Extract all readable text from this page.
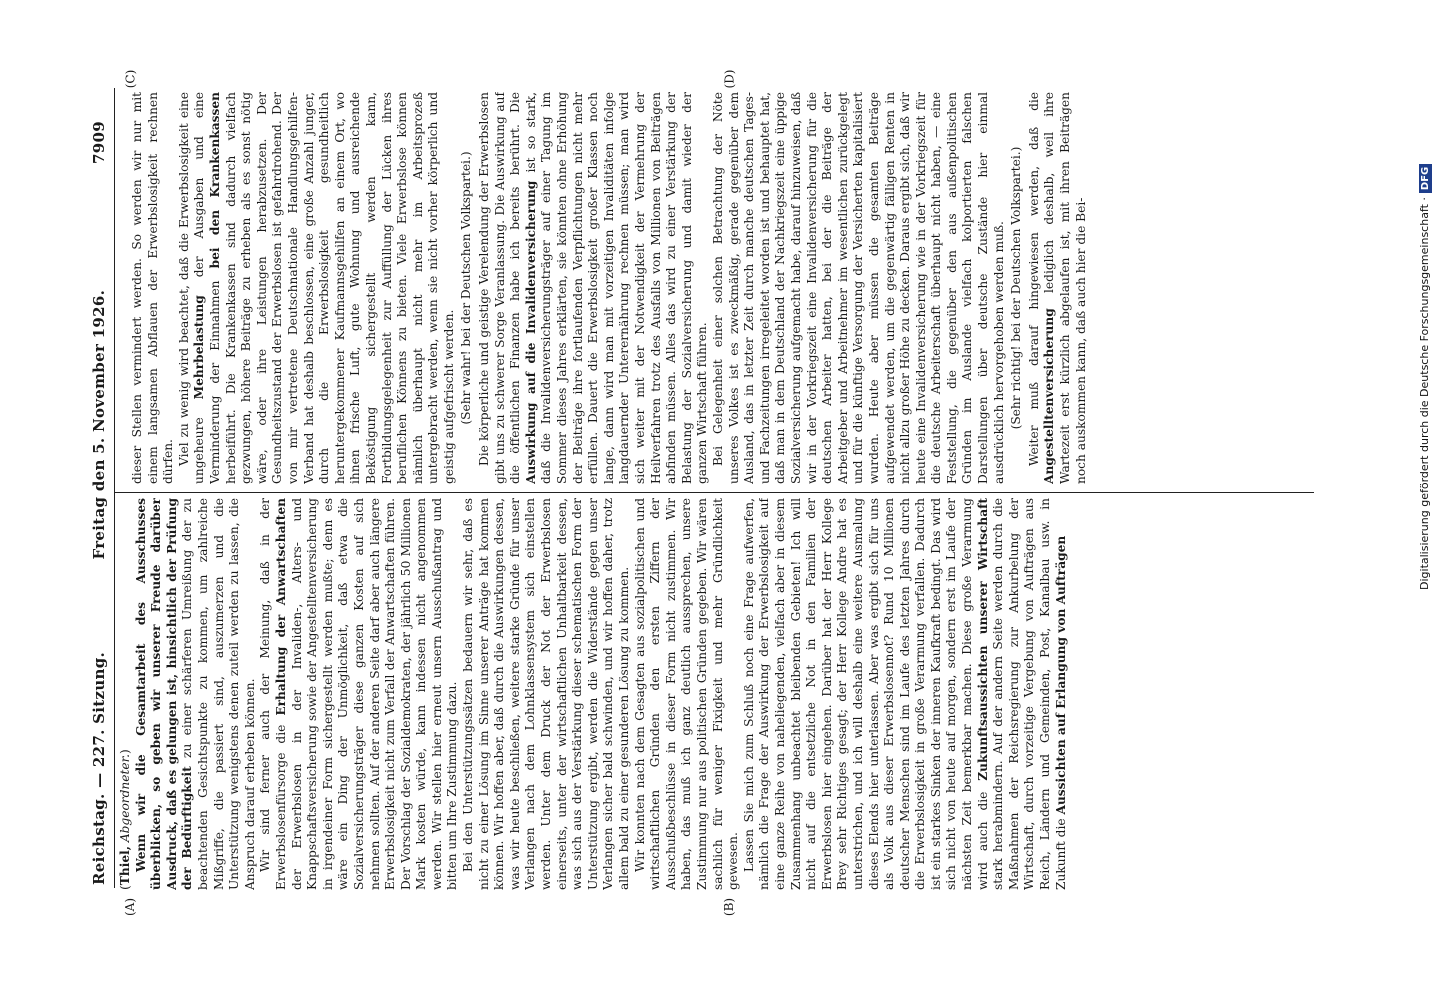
Reichstag. — 227. Sitzung. Freitag den 5. November 1926. 7909
(A)	(B)
(C)	(D)

(Thiel, Abgeordneter.) Wenn wir die Gesamtarbeit des Ausschusses überblicken, so geben wir unserer Freude darüber Ausdruck, daß es gelungen ist, hinsichtlich der Prüfung der Bedürftigkeit zu einer schärferen Umreißung der zu beachtenden Gesichtspunkte zu kommen, um zahlreiche Mißgriffe, die passiert sind, auszumerzen und die Unterstützung wenigstens denen zuteil werden zu lassen, die Anspruch darauf erheben können. Wir sind ferner auch der Meinung, daß in der Erwerbslosenfürsorge die Erhaltung der Anwartschaften der Erwerbslosen in der Invaliden-, Alters- und Knappschaftsversicherung sowie der Angestelltenversicherung in irgendeiner Form sichergestellt werden mußte; denn es wäre ein Ding der Unmöglichkeit, daß etwa die Sozialversicherungsträger diese ganzen Kosten auf sich nehmen sollten. Auf der anderen Seite darf aber auch längere Erwerbslosigkeit nicht zum Verfall der Anwartschaften führen. Der Vorschlag der Sozialdemokraten, der jährlich 50 Millionen Mark kosten würde, kann indessen nicht angenommen werden. Wir stellen hier erneut unsern Ausschußantrag und bitten um Ihre Zustimmung dazu. Bei den Unterstützungssätzen bedauern wir sehr, daß es nicht zu einer Lösung im Sinne unserer Anträge hat kommen können. Wir hoffen aber, daß durch die Auswirkungen dessen, was wir heute beschließen, weitere starke Gründe für unser Verlangen nach dem Lohnklassensystem sich einstellen werden. Unter dem Druck der Not der Erwerbslosen einerseits, unter der wirtschaftlichen Unhaltbarkeit dessen, was sich aus der Verstärkung dieser schematischen Form der Unterstützung ergibt, werden die Widerstände gegen unser Verlangen sicher bald schwinden, und wir hoffen daher, trotz allem bald zu einer gesunderen Lösung zu kommen. Wir konnten nach dem Gesagten aus sozialpolitischen und wirtschaftlichen Gründen den ersten Ziffern der Ausschußbeschlüsse in dieser Form nicht zustimmen. Wir haben, das muß ich ganz deutlich aussprechen, unsere Zustimmung nur aus politischen Gründen gegeben. Wir wären sachlich für weniger Fixigkeit und mehr Gründlichkeit gewesen. Lassen Sie mich zum Schluß noch eine Frage aufwerfen, nämlich die Frage der Auswirkung der Erwerbslosigkeit auf eine ganze Reihe von naheliegenden, vielfach aber in diesem Zusammenhang unbeachtet bleibenden Gebieten! Ich will nicht auf die entsetzliche Not in den Familien der Erwerbslosen hier eingehen. Darüber hat der Herr Kollege Brey sehr Richtiges gesagt; der Herr Kollege Andre hat es unterstrichen, und ich will deshalb eine weitere Ausmalung dieses Elends hier unterlassen. Aber was ergibt sich für uns als Volk aus dieser Erwerbslosennot? Rund 10 Millionen deutscher Menschen sind im Laufe des letzten Jahres durch die Erwerbslosigkeit in große Verarmung verfallen. Dadurch ist ein starkes Sinken der inneren Kaufkraft bedingt. Das wird sich nicht von heute auf morgen, sondern erst im Laufe der nächsten Zeit bemerkbar machen. Diese große Verarmung wird auch die Zukunftsaussichten unserer Wirtschaft stark herabmindern. Auf der andern Seite werden durch die Maßnahmen der Reichsregierung zur Ankurbelung der Wirtschaft, durch vorzeitige Vergebung von Aufträgen aus Reich, Ländern und Gemeinden, Post, Kanalbau usw. in Zukunft die Aussichten auf Erlangung von Aufträgen

dieser Stellen vermindert werden. So werden wir nur mit einem langsamen Abflauen der Erwerbslosigkeit rechnen dürfen. Viel zu wenig wird beachtet, daß die Erwerbslosigkeit eine ungeheure Mehrbelastung der Ausgaben und eine Verminderung der Einnahmen bei den Krankenkassen herbeiführt. Die Krankenkassen sind dadurch vielfach gezwungen, höhere Beiträge zu erheben als es sonst nötig wäre, oder ihre Leistungen herabzusetzen. Der Gesundheitszustand der Erwerbslosen ist gefahrdrohend. Der von mir vertretene Deutschnationale Handlungsgehilfen-Verband hat deshalb beschlossen, eine große Anzahl junger, durch die Erwerbslosigkeit gesundheitlich heruntergekommener Kaufmannsgehilfen an einem Ort, wo ihnen frische Luft, gute Wohnung und ausreichende Beköstigung sichergestellt werden kann, Fortbildungsgelegenheit zur Auffüllung der Lücken ihres beruflichen Könnens zu bieten. Viele Erwerbslose können nämlich überhaupt nicht mehr im Arbeitsprozeß untergebracht werden, wenn sie nicht vorher körperlich und geistig aufgefrischt werden. (Sehr wahr! bei der Deutschen Volkspartei.) Die körperliche und geistige Verelendung der Erwerbslosen gibt uns zu schwerer Sorge Veranlassung. Die Auswirkung auf die öffentlichen Finanzen habe ich bereits berührt. Die Auswirkung auf die Invalidenversicherung ist so stark, daß die Invalidenversicherungsträger auf einer Tagung im Sommer dieses Jahres erklärten, sie könnten ohne Erhöhung der Beiträge ihre fortlaufenden Verpflichtungen nicht mehr erfüllen. Dauert die Erwerbslosigkeit großer Klassen noch lange, dann wird man mit vorzeitigen Invaliditäten infolge langdauernder Unterernährung rechnen müssen; man wird sich weiter mit der Notwendigkeit der Vermehrung der Heilverfahren trotz des Ausfalls von Millionen von Beiträgen abfinden müssen. Alles das wird zu einer Verstärkung der Belastung der Sozialversicherung und damit wieder der ganzen Wirtschaft führen. Bei Gelegenheit einer solchen Betrachtung der Nöte unseres Volkes ist es zweckmäßig, gerade gegenüber dem Ausland, das in letzter Zeit durch manche deutschen Tages- und Fachzeitungen irregeleitet worden ist und behauptet hat, daß man in dem Deutschland der Nachkriegszeit eine üppige Sozialversicherung aufgemacht habe, darauf hinzuweisen, daß wir in der Vorkriegszeit eine Invalidenversicherung für die deutschen Arbeiter hatten, bei der die Beiträge der Arbeitgeber und Arbeitnehmer im wesentlichen zurückgelegt und für die künftige Versorgung der Versicherten kapitalisiert wurden. Heute aber müssen die gesamten Beiträge aufgewendet werden, um die gegenwärtig fälligen Renten in nicht allzu großer Höhe zu decken. Daraus ergibt sich, daß wir heute eine Invalidenversicherung wie in der Vorkriegszeit für die deutsche Arbeiterschaft überhaupt nicht haben, — eine Feststellung, die gegenüber den aus außenpolitischen Gründen im Auslande vielfach kolportierten falschen Darstellungen über deutsche Zustände hier einmal ausdrücklich hervorgehoben werden muß. (Sehr richtig! bei der Deutschen Volkspartei.) Weiter muß darauf hingewiesen werden, daß die Angestelltenversicherung lediglich deshalb, weil ihre Wartezeit erst kürzlich abgelaufen ist, mit ihren Beiträgen noch auskommen kann, daß auch hier die Bei-	Digitalisierung gefördert durch die Deutsche Forschungsgemeinschaft ·DFG
